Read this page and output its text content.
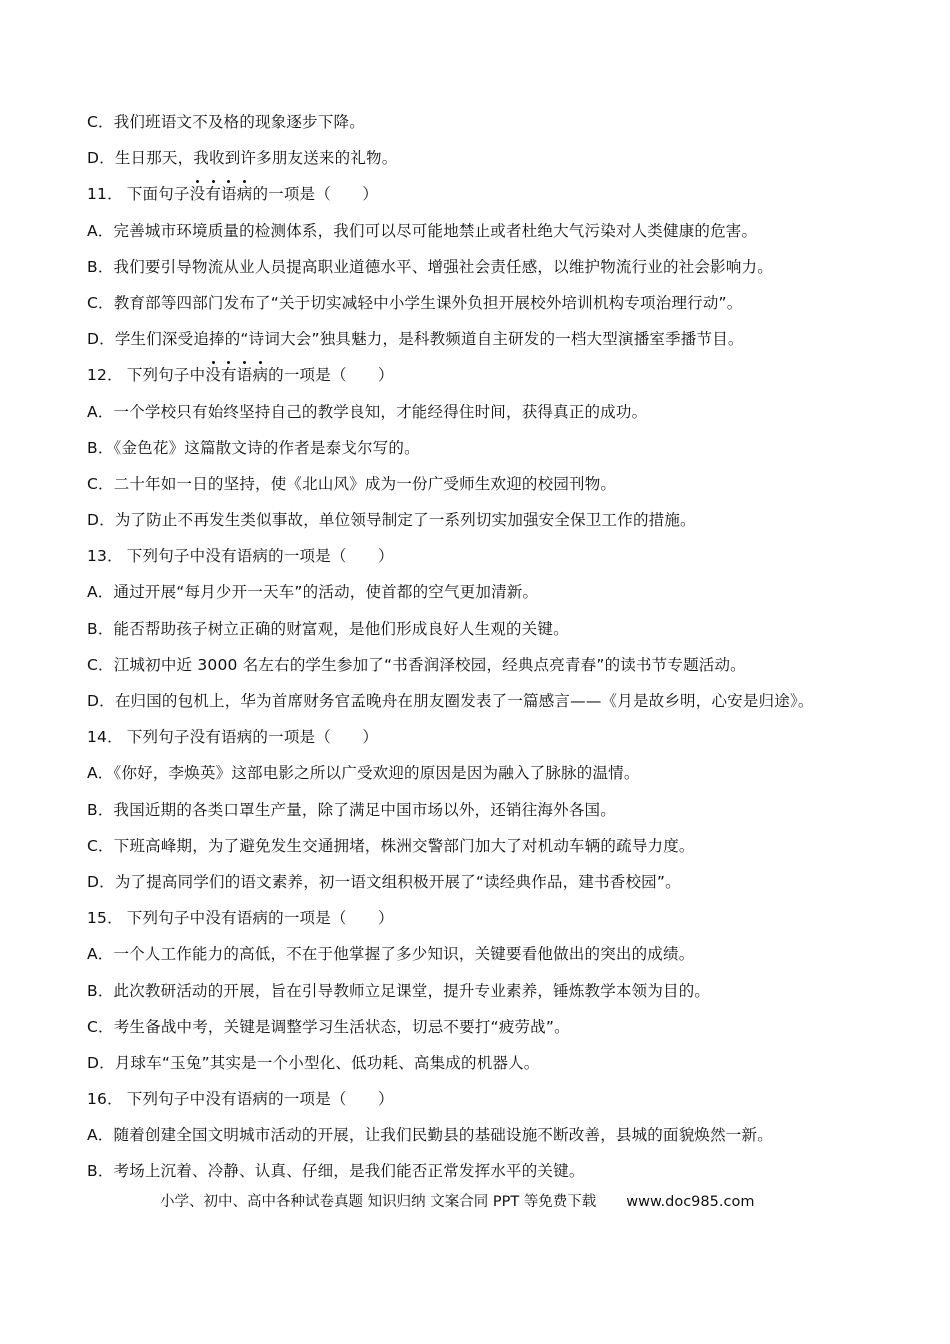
C．我们班语文不及格的现象逐步下降。
D．生日那天，我收到许多朋友送来的礼物。
11． 下面句子没有语病的一项是（　　）
A．完善城市环境质量的检测体系，我们可以尽可能地禁止或者杜绝大气污染对人类健康的危害。
B．我们要引导物流从业人员提高职业道德水平、增强社会责任感，以维护物流行业的社会影响力。
C．教育部等四部门发布了“关于切实减轻中小学生课外负担开展校外培训机构专项治理行动”。
D．学生们深受追捧的“诗词大会”独具魅力，是科教频道自主研发的一档大型演播室季播节目。
12． 下列句子中没有语病的一项是（　　）
A．一个学校只有始终坚持自己的教学良知，才能经得住时间，获得真正的成功。
B．《金色花》这篇散文诗的作者是泰戈尔写的。
C．二十年如一日的坚持，使《北山风》成为一份广受师生欢迎的校园刊物。
D．为了防止不再发生类似事故，单位领导制定了一系列切实加强安全保卫工作的措施。
13． 下列句子中没有语病的一项是（　　）
A．通过开展“每月少开一天车”的活动，使首都的空气更加清新。
B．能否帮助孩子树立正确的财富观，是他们形成良好人生观的关键。
C．江城初中近 3000 名左右的学生参加了“书香润泽校园，经典点亮青春”的读书节专题活动。
D．在归国的包机上，华为首席财务官孟晚舟在朋友圈发表了一篇感言——《月是故乡明，心安是归途》。
14． 下列句子没有语病的一项是（　　）
A．《你好，李焕英》这部电影之所以广受欢迎的原因是因为融入了脉脉的温情。
B．我国近期的各类口罩生产量，除了满足中国市场以外，还销往海外各国。
C．下班高峰期，为了避免发生交通拥堵，株洲交警部门加大了对机动车辆的疏导力度。
D．为了提高同学们的语文素养，初一语文组积极开展了“读经典作品，建书香校园”。
15． 下列句子中没有语病的一项是（　　）
A．一个人工作能力的高低，不在于他掌握了多少知识，关键要看他做出的突出的成绩。
B．此次教研活动的开展，旨在引导教师立足课堂，提升专业素养，锤炼教学本领为目的。
C．考生备战中考，关键是调整学习生活状态，切忌不要打“疲劳战”。
D．月球车“玉兔”其实是一个小型化、低功耗、高集成的机器人。
16． 下列句子中没有语病的一项是（　　）
A．随着创建全国文明城市活动的开展，让我们民勤县的基础设施不断改善，县城的面貌焕然一新。
B．考场上沉着、冷静、认真、仔细，是我们能否正常发挥水平的关键。
小学、初中、高中各种试卷真题 知识归纳 文案合同 PPT 等免费下载 www.doc985.com
